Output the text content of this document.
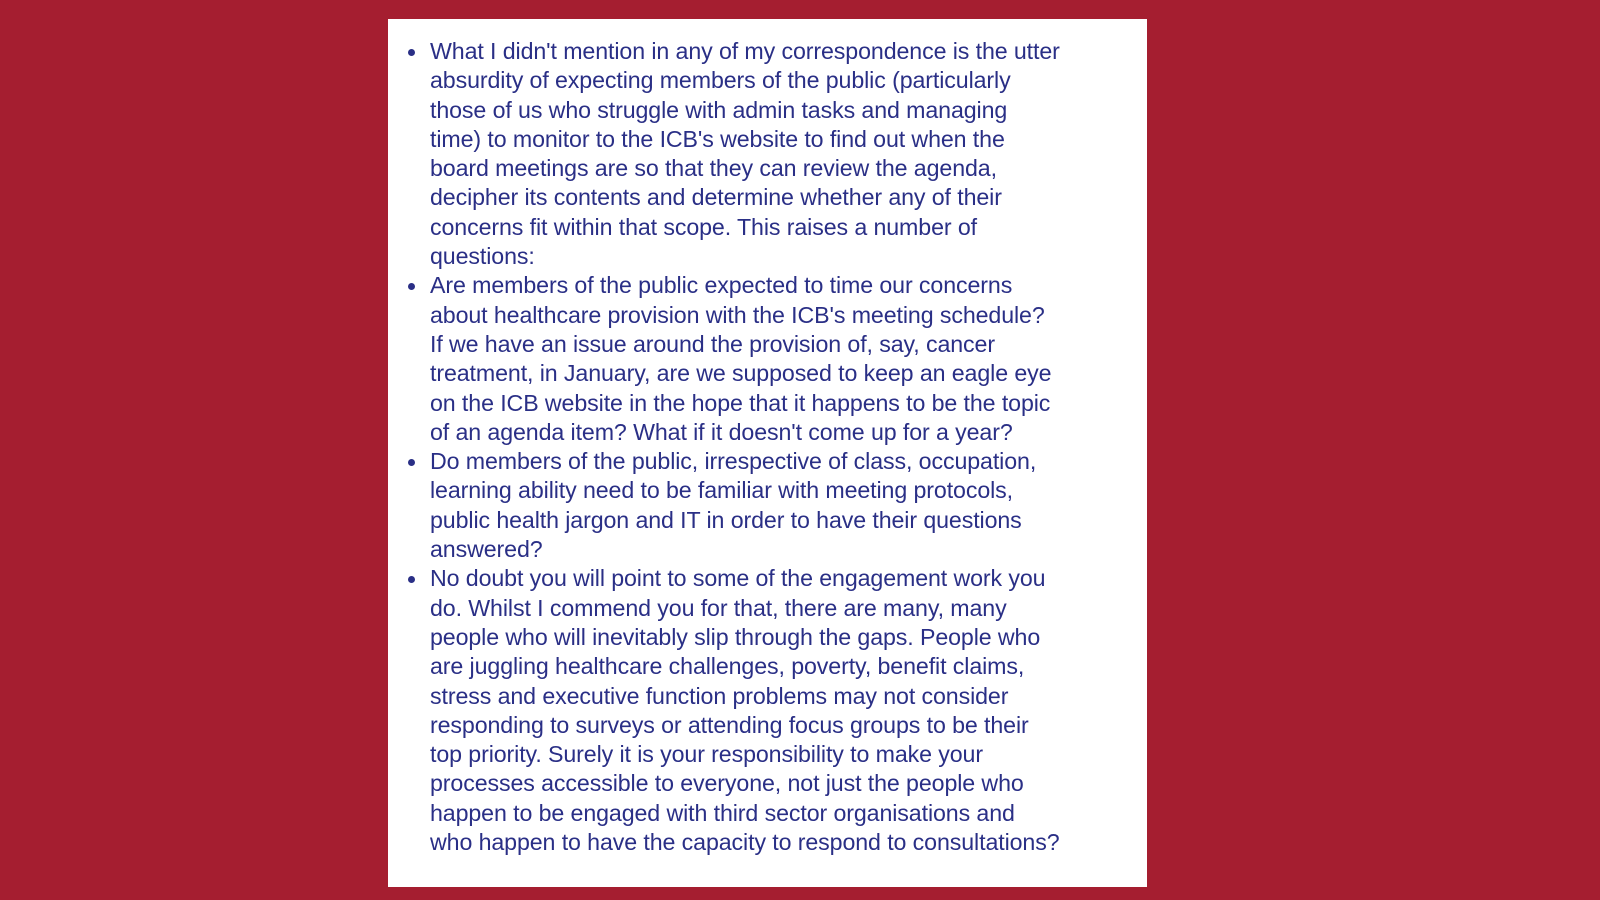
What I didn't mention in any of my correspondence is the utter
absurdity of expecting members of the public (particularly
those of us who struggle with admin tasks and managing
time) to monitor to the ICB's website to find out when the
board meetings are so that they can review the agenda,
decipher its contents and determine whether any of their
concerns fit within that scope. This raises a number of
questions:
Are members of the public expected to time our concerns
about healthcare provision with the ICB's meeting schedule?
If we have an issue around the provision of, say, cancer
treatment, in January, are we supposed to keep an eagle eye
on the ICB website in the hope that it happens to be the topic
of an agenda item? What if it doesn't come up for a year?
Do members of the public, irrespective of class, occupation,
learning ability need to be familiar with meeting protocols,
public health jargon and IT in order to have their questions
answered?
No doubt you will point to some of the engagement work you
do. Whilst I commend you for that, there are many, many
people who will inevitably slip through the gaps. People who
are juggling healthcare challenges, poverty, benefit claims,
stress and executive function problems may not consider
responding to surveys or attending focus groups to be their
top priority. Surely it is your responsibility to make your
processes accessible to everyone, not just the people who
happen to be engaged with third sector organisations and
who happen to have the capacity to respond to consultations?
